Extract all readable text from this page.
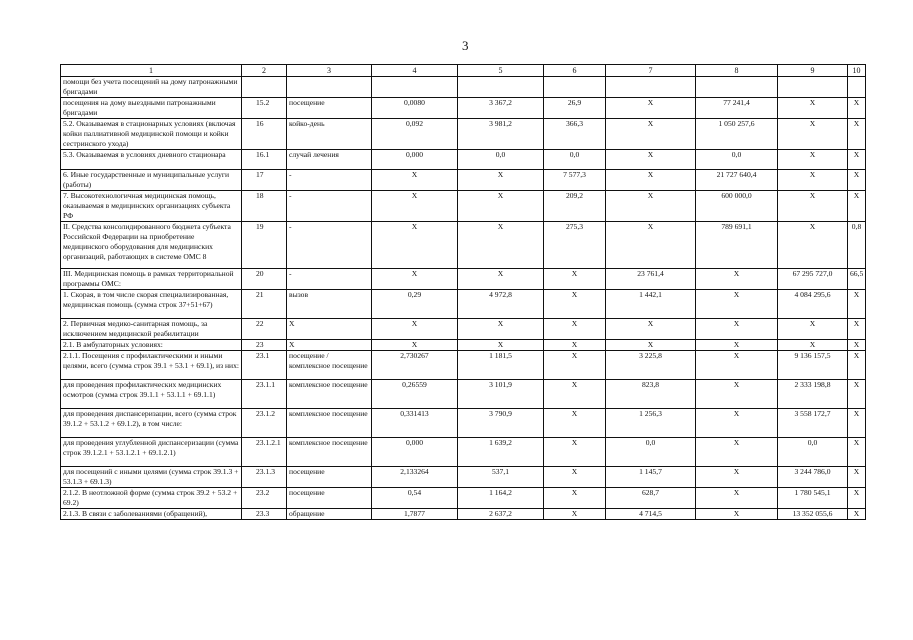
3
1	2	3	4	5	6	7	8	9	10
помощи без учета посещений на дому патронажными бригадами									
посещения на дому выездными патронажными бригадами	15.2	посещение	0,0080	3 367,2	26,9	X	77 241,4	X	X
5.2. Оказываемая в стационарных условиях (включая койки паллиативной медицинской помощи и койки сестринского ухода)	16	койко-день	0,092	3 981,2	366,3	X	1 050 257,6	X	X
5.3. Оказываемая в условиях дневного стационара	16.1	случай лечения	0,000	0,0	0,0	X	0,0	X	X
6. Иные государственные и муниципальные услуги (работы)	17	-	X	X	7 577,3	X	21 727 640,4	X	X
7. Высокотехнологичная медицинская помощь, оказываемая в медицинских организациях субъекта РФ	18	-	X	X	209,2	X	600 000,0	X	X
II. Средства консолидированного бюджета субъекта Российской Федерации на приобретение медицинского оборудования для медицинских организаций, работающих в системе ОМС 8	19	-	X	X	275,3	X	789 691,1	X	0,8
III. Медицинская помощь в рамках территориальной программы ОМС:	20	-	X	X	X	23 761,4	X	67 295 727,0	66,5
1. Скорая, в том числе скорая специализированная, медицинская помощь (сумма строк 37+51+67)	21	вызов	0,29	4 972,8	X	1 442,1	X	4 084 295,6	X
2. Первичная медико-санитарная помощь, за исключением медицинской реабилитации	22	X	X	X	X	X	X	X	X
2.1. В амбулаторных условиях:	23	X	X	X	X	X	X	X	X
2.1.1. Посещения с профилактическими и иными целями, всего (сумма строк 39.1 + 53.1 + 69.1), из них:	23.1	посещение / комплексное посещение	2,730267	1 181,5	X	3 225,8	X	9 136 157,5	X
для проведения профилактических медицинских осмотров (сумма строк 39.1.1 + 53.1.1 + 69.1.1)	23.1.1	комплексное посещение	0,26559	3 101,9	X	823,8	X	2 333 198,8	X
для проведения диспансеризации, всего (сумма строк 39.1.2 + 53.1.2 + 69.1.2), в том числе:	23.1.2	комплексное посещение	0,331413	3 790,9	X	1 256,3	X	3 558 172,7	X
для проведения углубленной диспансеризации (сумма строк 39.1.2.1 + 53.1.2.1 + 69.1.2.1)	23.1.2.1	комплексное посещение	0,000	1 639,2	X	0,0	X	0,0	X
для посещений с иными целями (сумма строк 39.1.3 + 53.1.3 + 69.1.3)	23.1.3	посещение	2,133264	537,1	X	1 145,7	X	3 244 786,0	X
2.1.2. В неотложной форме (сумма строк 39.2 + 53.2 + 69.2)	23.2	посещение	0,54	1 164,2	X	628,7	X	1 780 545,1	X
2.1.3. В связи с заболеваниями (обращений),	23.3	обращение	1,7877	2 637,2	X	4 714,5	X	13 352 055,6	X
